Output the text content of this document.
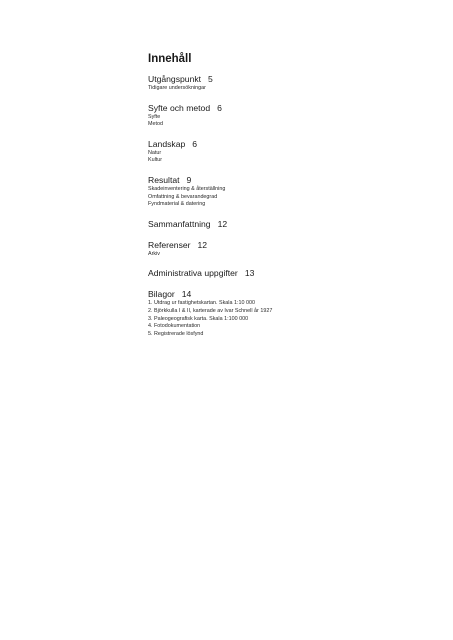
Innehåll
Utgångspunkt 5
Tidigare undersökningar
Syfte och metod 6
Syfte
Metod
Landskap 6
Natur
Kultur
Resultat 9
Skadeinventering & återställning
Omfattning & bevarandegrad
Fyndmaterial & datering
Sammanfattning 12
Referenser 12
Arkiv
Administrativa uppgifter 13
Bilagor 14
1. Utdrag ur fastighetskartan. Skala 1:10 000
2. Björkkulla I & II, karterade av Ivar Schnell år 1927
3. Paleogeografisk karta. Skala 1:100 000
4. Fotodokumentation
5. Registrerade lösfynd
